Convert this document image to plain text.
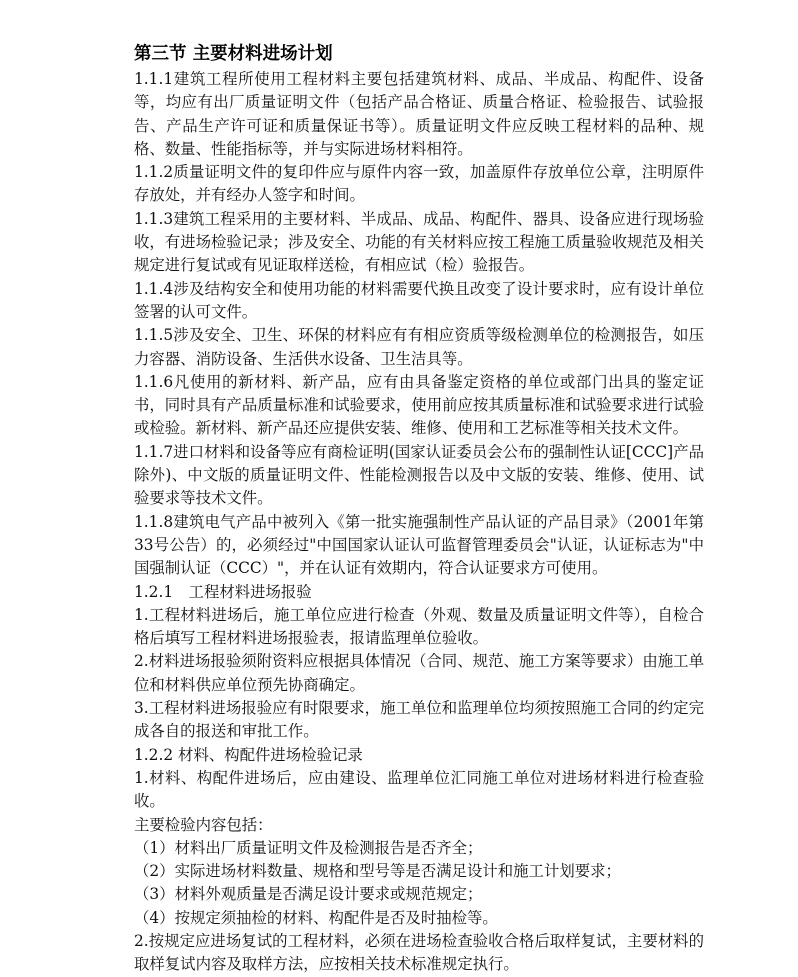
第三节 主要材料进场计划

1.1.1建筑工程所使用工程材料主要包括建筑材料、成品、半成品、构配件、设备等，均应有出厂质量证明文件（包括产品合格证、质量合格证、检验报告、试验报告、产品生产许可证和质量保证书等）。质量证明文件应反映工程材料的品种、规格、数量、性能指标等，并与实际进场材料相符。

1.1.2质量证明文件的复印件应与原件内容一致，加盖原件存放单位公章，注明原件存放处，并有经办人签字和时间。

1.1.3建筑工程采用的主要材料、半成品、成品、构配件、器具、设备应进行现场验收，有进场检验记录；涉及安全、功能的有关材料应按工程施工质量验收规范及相关规定进行复试或有见证取样送检，有相应试（检）验报告。

1.1.4涉及结构安全和使用功能的材料需要代换且改变了设计要求时，应有设计单位签署的认可文件。

1.1.5涉及安全、卫生、环保的材料应有有相应资质等级检测单位的检测报告，如压力容器、消防设备、生活供水设备、卫生洁具等。

1.1.6凡使用的新材料、新产品，应有由具备鉴定资格的单位或部门出具的鉴定证书，同时具有产品质量标准和试验要求，使用前应按其质量标准和试验要求进行试验或检验。新材料、新产品还应提供安装、维修、使用和工艺标准等相关技术文件。

1.1.7进口材料和设备等应有商检证明(国家认证委员会公布的强制性认证[CCC]产品除外)、中文版的质量证明文件、性能检测报告以及中文版的安装、维修、使用、试验要求等技术文件。

1.1.8建筑电气产品中被列入《第一批实施强制性产品认证的产品目录》（2001年第33号公告）的，必须经过"中国国家认证认可监督管理委员会"认证，认证标志为"中国强制认证（CCC）"，并在认证有效期内，符合认证要求方可使用。

1.2.1　工程材料进场报验

1.工程材料进场后，施工单位应进行检查（外观、数量及质量证明文件等），自检合格后填写工程材料进场报验表，报请监理单位验收。

2.材料进场报验须附资料应根据具体情况（合同、规范、施工方案等要求）由施工单位和材料供应单位预先协商确定。

3.工程材料进场报验应有时限要求，施工单位和监理单位均须按照施工合同的约定完成各自的报送和审批工作。

1.2.2 材料、构配件进场检验记录

1.材料、构配件进场后，应由建设、监理单位汇同施工单位对进场材料进行检查验收。

主要检验内容包括：

（1）材料出厂质量证明文件及检测报告是否齐全；

（2）实际进场材料数量、规格和型号等是否满足设计和施工计划要求；

（3）材料外观质量是否满足设计要求或规范规定；

（4）按规定须抽检的材料、构配件是否及时抽检等。

2.按规定应进场复试的工程材料，必须在进场检查验收合格后取样复试，主要材料的取样复试内容及取样方法，应按相关技术标准规定执行。
